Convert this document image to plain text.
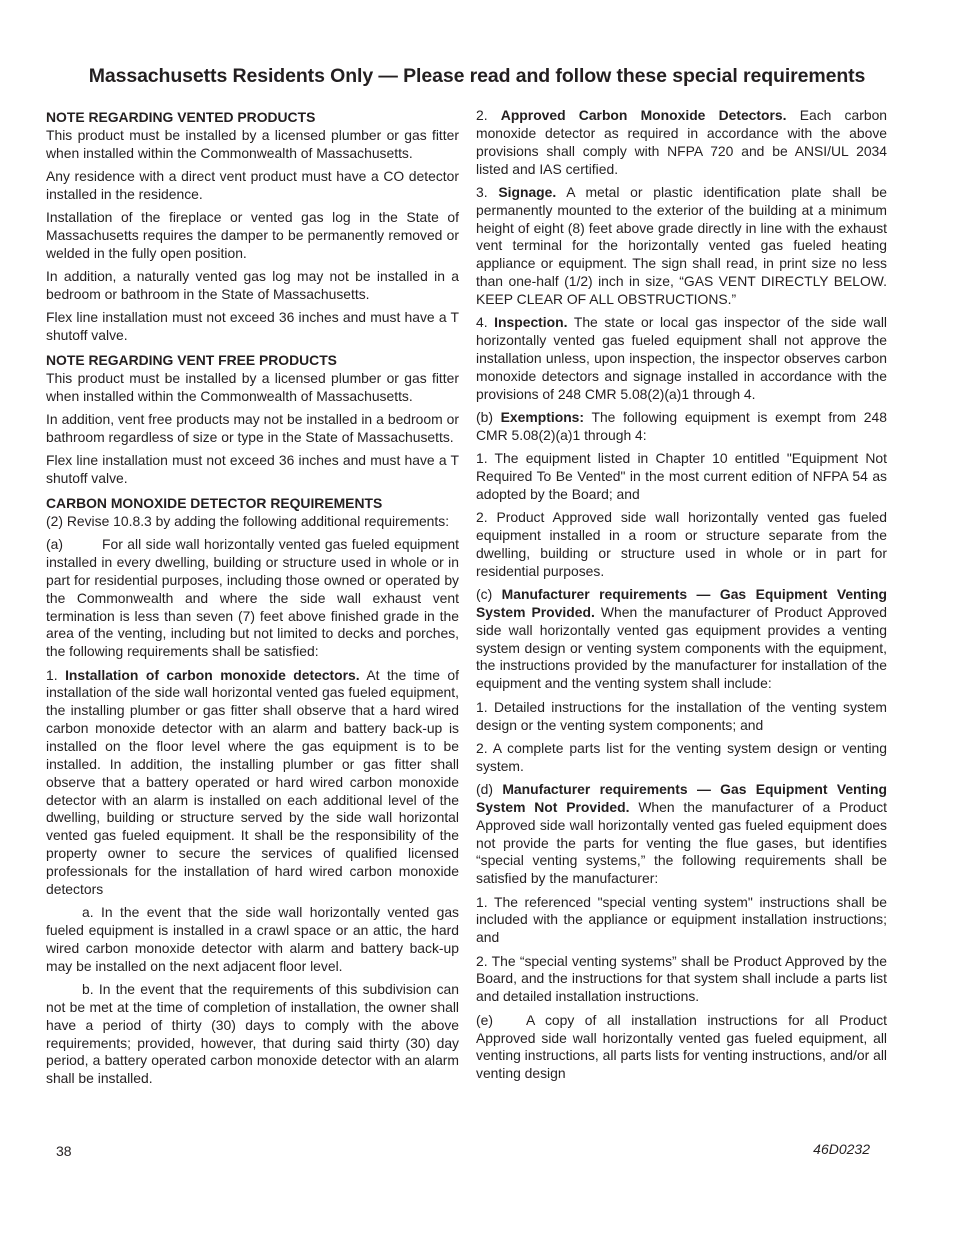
Massachusetts Residents Only — Please read and follow these special requirements
NOTE REGARDING VENTED PRODUCTS

This product must be installed by a licensed plumber or gas fitter when installed within the Commonwealth of Massachusetts.

Any residence with a direct vent product must have a CO detector installed in the residence.

Installation of the fireplace or vented gas log in the State of Massachusetts requires the damper to be permanently removed or welded in the fully open position.

In addition, a naturally vented gas log may not be installed in a bedroom or bathroom in the State of Massachusetts.

Flex line installation must not exceed 36 inches and must have a T shutoff valve.

NOTE REGARDING VENT FREE PRODUCTS

This product must be installed by a licensed plumber or gas fitter when installed within the Commonwealth of Massachusetts.

In addition, vent free products may not be installed in a bedroom or bathroom regardless of size or type in the State of Massachusetts.

Flex line installation must not exceed 36 inches and must have a T shutoff valve.

CARBON MONOXIDE DETECTOR REQUIREMENTS

(2) Revise 10.8.3 by adding the following additional requirements:

(a)	For all side wall horizontally vented gas fueled equipment installed in every dwelling, building or structure used in whole or in part for residential purposes, including those owned or operated by the Commonwealth and where the side wall exhaust vent termination is less than seven (7) feet above finished grade in the area of the venting, including but not limited to decks and porches, the following requirements shall be satisfied:

1. Installation of carbon monoxide detectors. At the time of installation of the side wall horizontal vented gas fueled equipment, the installing plumber or gas fitter shall observe that a hard wired carbon monoxide detector with an alarm and battery back-up is installed on the floor level where the gas equipment is to be installed. In addition, the installing plumber or gas fitter shall observe that a battery operated or hard wired carbon monoxide detector with an alarm is installed on each additional level of the dwelling, building or structure served by the side wall horizontal vented gas fueled equipment. It shall be the responsibility of the property owner to secure the services of qualified licensed professionals for the installation of hard wired carbon monoxide detectors

a. In the event that the side wall horizontally vented gas fueled equipment is installed in a crawl space or an attic, the hard wired carbon monoxide detector with alarm and battery back-up may be installed on the next adjacent floor level.

b. In the event that the requirements of this subdivision can not be met at the time of completion of installation, the owner shall have a period of thirty (30) days to comply with the above requirements; provided, however, that during said thirty (30) day period, a battery operated carbon monoxide detector with an alarm shall be installed.

2. Approved Carbon Monoxide Detectors. Each carbon monoxide detector as required in accordance with the above provisions shall comply with NFPA 720 and be ANSI/UL 2034 listed and IAS certified.

3. Signage. A metal or plastic identification plate shall be permanently mounted to the exterior of the building at a minimum height of eight (8) feet above grade directly in line with the exhaust vent terminal for the horizontally vented gas fueled heating appliance or equipment. The sign shall read, in print size no less than one-half (1/2) inch in size, “GAS VENT DIRECTLY BELOW. KEEP CLEAR OF ALL OBSTRUCTIONS.”

4. Inspection. The state or local gas inspector of the side wall horizontally vented gas fueled equipment shall not approve the installation unless, upon inspection, the inspector observes carbon monoxide detectors and signage installed in accordance with the provisions of 248 CMR 5.08(2)(a)1 through 4.

(b) Exemptions: The following equipment is exempt from 248 CMR 5.08(2)(a)1 through 4:

1. The equipment listed in Chapter 10 entitled "Equipment Not Required To Be Vented" in the most current edition of NFPA 54 as adopted by the Board; and

2. Product Approved side wall horizontally vented gas fueled equipment installed in a room or structure separate from the dwelling, building or structure used in whole or in part for residential purposes.

(c) Manufacturer requirements — Gas Equipment Venting System Provided. When the manufacturer of Product Approved side wall horizontally vented gas equipment provides a venting system design or venting system components with the equipment, the instructions provided by the manufacturer for installation of the equipment and the venting system shall include:

1. Detailed instructions for the installation of the venting system design or the venting system components; and

2. A complete parts list for the venting system design or venting system.

(d) Manufacturer requirements — Gas Equipment Venting System Not Provided. When the manufacturer of a Product Approved side wall horizontally vented gas fueled equipment does not provide the parts for venting the flue gases, but identifies “special venting systems,” the following requirements shall be satisfied by the manufacturer:

1. The referenced "special venting system" instructions shall be included with the appliance or equipment installation instructions; and

2. The “special venting systems” shall be Product Approved by the Board, and the instructions for that system shall include a parts list and detailed installation instructions.

(e) A copy of all installation instructions for all Product Approved side wall horizontally vented gas fueled equipment, all venting instructions, all parts lists for venting instructions, and/or all venting design

38	46D0232
